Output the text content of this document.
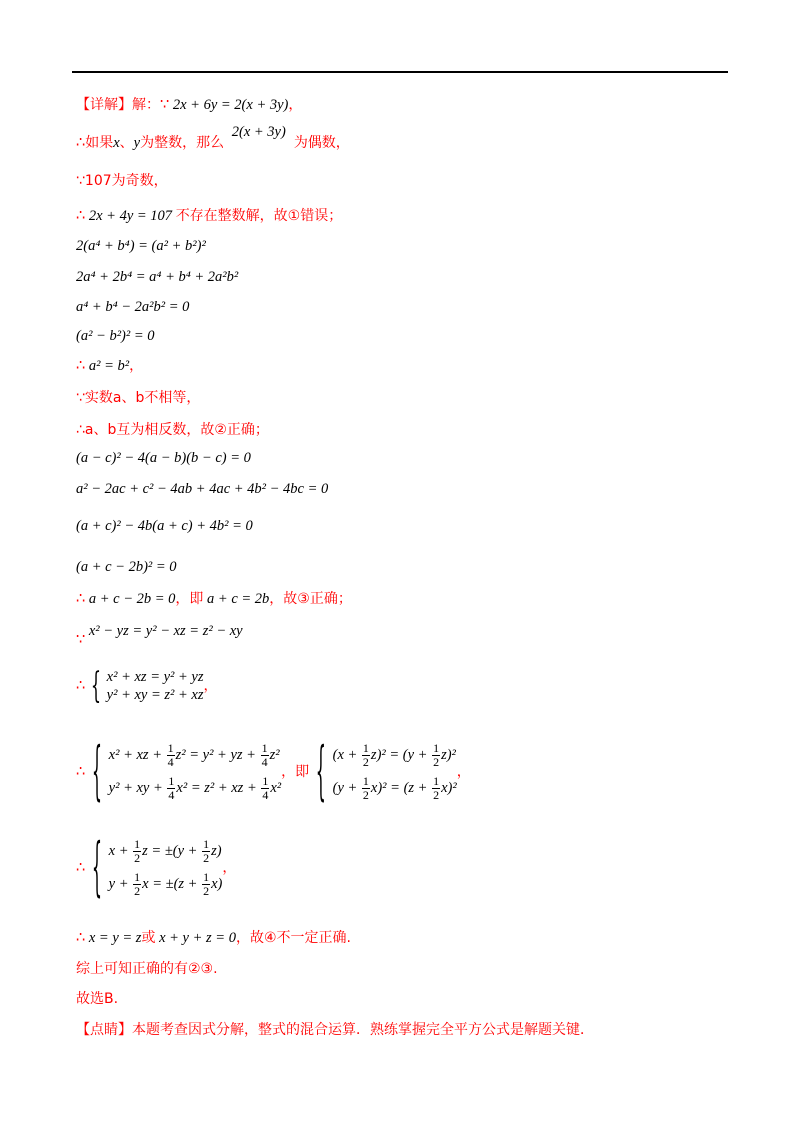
【详解】解：∵ 2x + 6y = 2(x + 3y)，
∴如果x、y为整数，那么 2(x + 3y)为偶数，
∵107为奇数，
∴ 2x + 4y = 107 不存在整数解，故①错误；
2(a⁴ + b⁴) = (a² + b²)²
2a⁴ + 2b⁴ = a⁴ + b⁴ + 2a²b²
a⁴ + b⁴ − 2a²b² = 0
(a² − b²)² = 0
∴ a² = b²，
∵实数a、b不相等，
∴a、b互为相反数，故②正确；
(a − c)² − 4(a − b)(b − c) = 0
a² − 2ac + c² − 4ab + 4ac + 4b² − 4bc = 0
(a + c)² − 4b(a + c) + 4b² = 0
(a + c − 2b)² = 0
∴ a + c − 2b = 0，即 a + c = 2b，故③正确；
∵ x² − yz = y² − xz = z² − xy
∴ { x² + xz = y² + yz
y² + xy = z² + xz
，
∴ { x² + xz + $\frac{1}{4} z^2 = y^2$ + yz + $\frac{1}{4} z^2$
y² + xy + $\frac{1}{4} x^2 = z^2$ + xz + $\frac{1}{4} x^2$
，即 { $(x + \frac{1}{2} z)^2 = (y + \frac{1}{2} z)^2$
$(y + \frac{1}{2} x)^2 = (z + \frac{1}{2} x)^2$
，
∴ { $x + \frac{1}{2}$ $z = \pm(y + \frac{1}{2} z)$
$y + \frac{1}{2}$ $x = \pm(z + \frac{1}{2} x)$
，
∴ x = y = z或 x + y + z = 0，故④不一定正确.
综上可知正确的有②③.
故选B.
【点睛】本题考查因式分解，整式的混合运算．熟练掌握完全平方公式是解题关键．
